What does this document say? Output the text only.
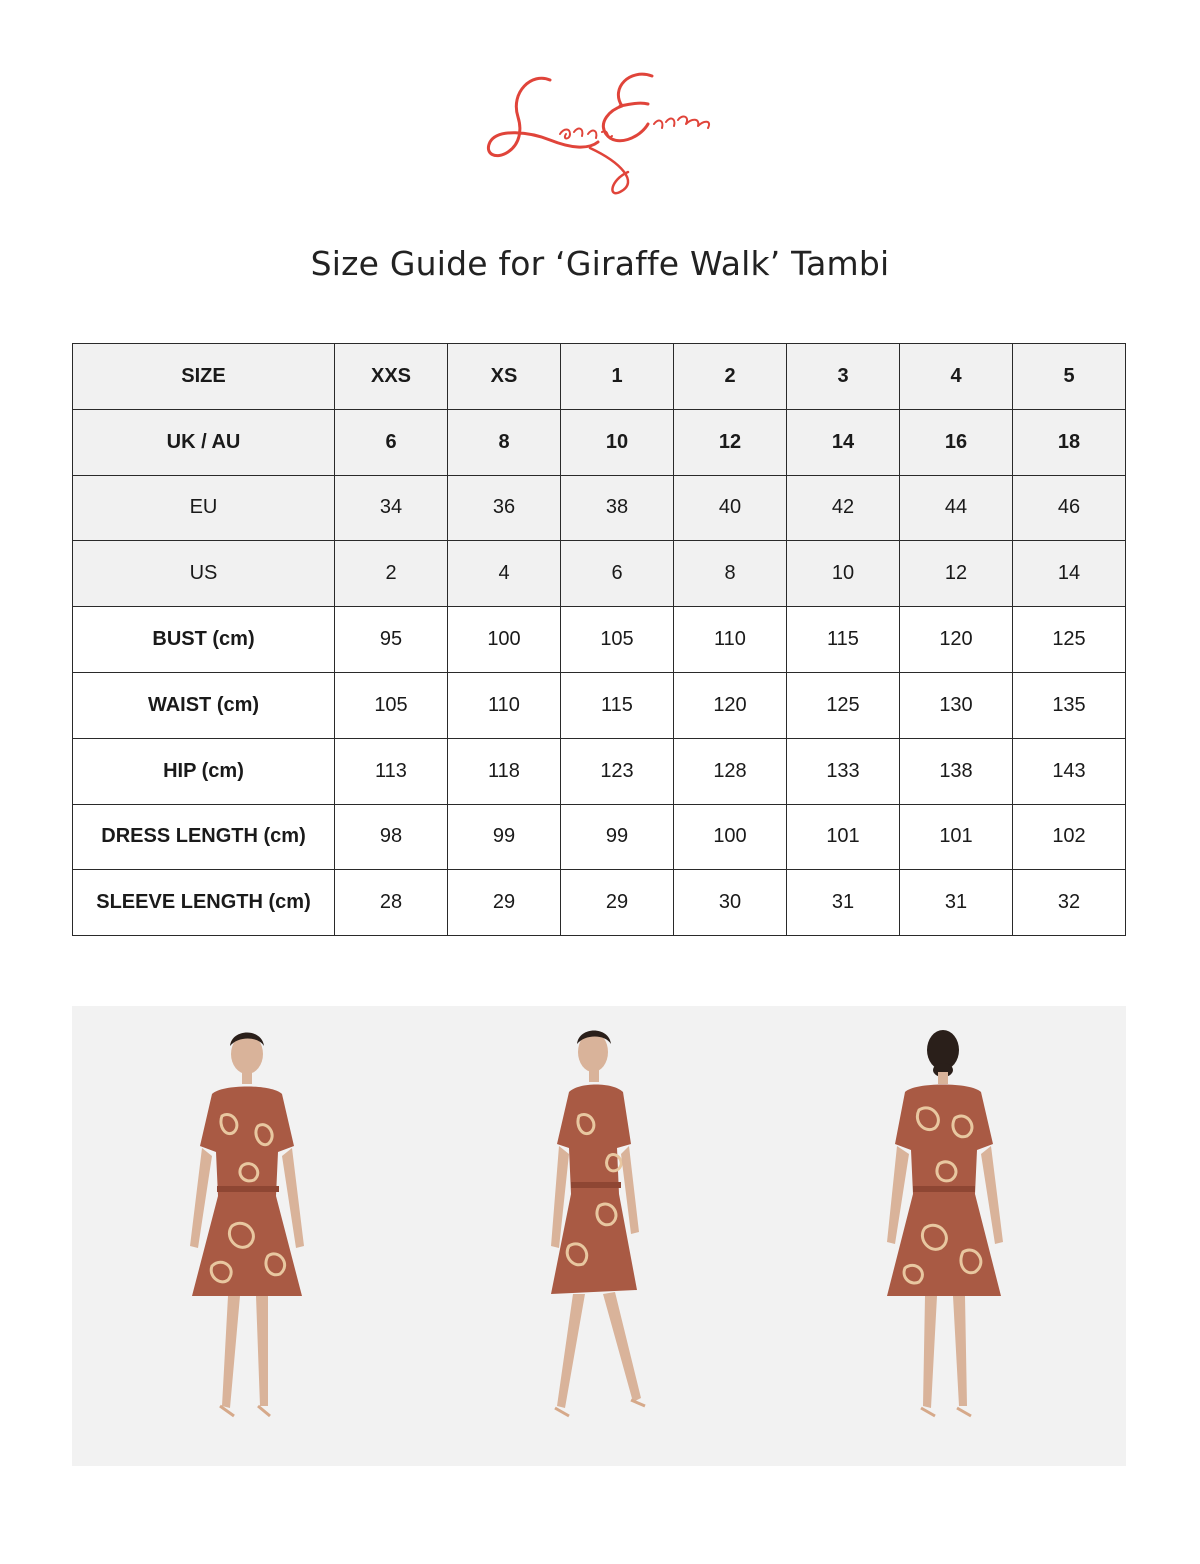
Size Guide for ‘Giraffe Walk’ Tambi
SIZE	XXS	XS	1	2	3	4	5
UK / AU	6	8	10	12	14	16	18
EU	34	36	38	40	42	44	46
US	2	4	6	8	10	12	14
BUST (cm)	95	100	105	110	115	120	125
WAIST (cm)	105	110	115	120	125	130	135
HIP (cm)	113	118	123	128	133	138	143
DRESS LENGTH (cm)	98	99	99	100	101	101	102
SLEEVE LENGTH (cm)	28	29	29	30	31	31	32
